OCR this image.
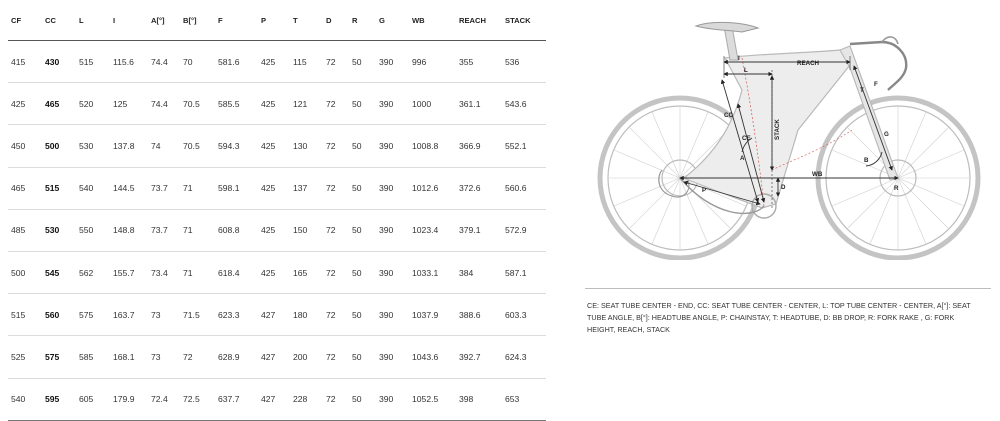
CF	CC	L	I	A[°]	B[°]	F	P	T	D	R	G	WB	REACH	STACK
415	430	515	115.6	74.4	70	581.6	425	115	72	50	390	996	355	536
425	465	520	125	74.4	70.5	585.5	425	121	72	50	390	1000	361.1	543.6
450	500	530	137.8	74	70.5	594.3	425	130	72	50	390	1008.8	366.9	552.1
465	515	540	144.5	73.7	71	598.1	425	137	72	50	390	1012.6	372.6	560.6
485	530	550	148.8	73.7	71	608.8	425	150	72	50	390	1023.4	379.1	572.9
500	545	562	155.7	73.4	71	618.4	425	165	72	50	390	1033.1	384	587.1
515	560	575	163.7	73	71.5	623.3	427	180	72	50	390	1037.9	388.6	603.3
525	575	585	168.1	73	72	628.9	427	200	72	50	390	1043.6	392.7	624.3
540	595	605	179.9	72.4	72.5	637.7	427	228	72	50	390	1052.5	398	653
I
REACH
L
CC
CE	STACK
F
G
A	B
P	D
WB
T
R

CE: SEAT TUBE CENTER - END, CC: SEAT TUBE CENTER - CENTER, L: TOP TUBE CENTER - CENTER, A[°]: SEAT TUBE ANGLE, B[°]: HEADTUBE ANGLE, P: CHAINSTAY, T: HEADTUBE, D: BB DROP, R: FORK RAKE , G: FORK HEIGHT, REACH, STACK
